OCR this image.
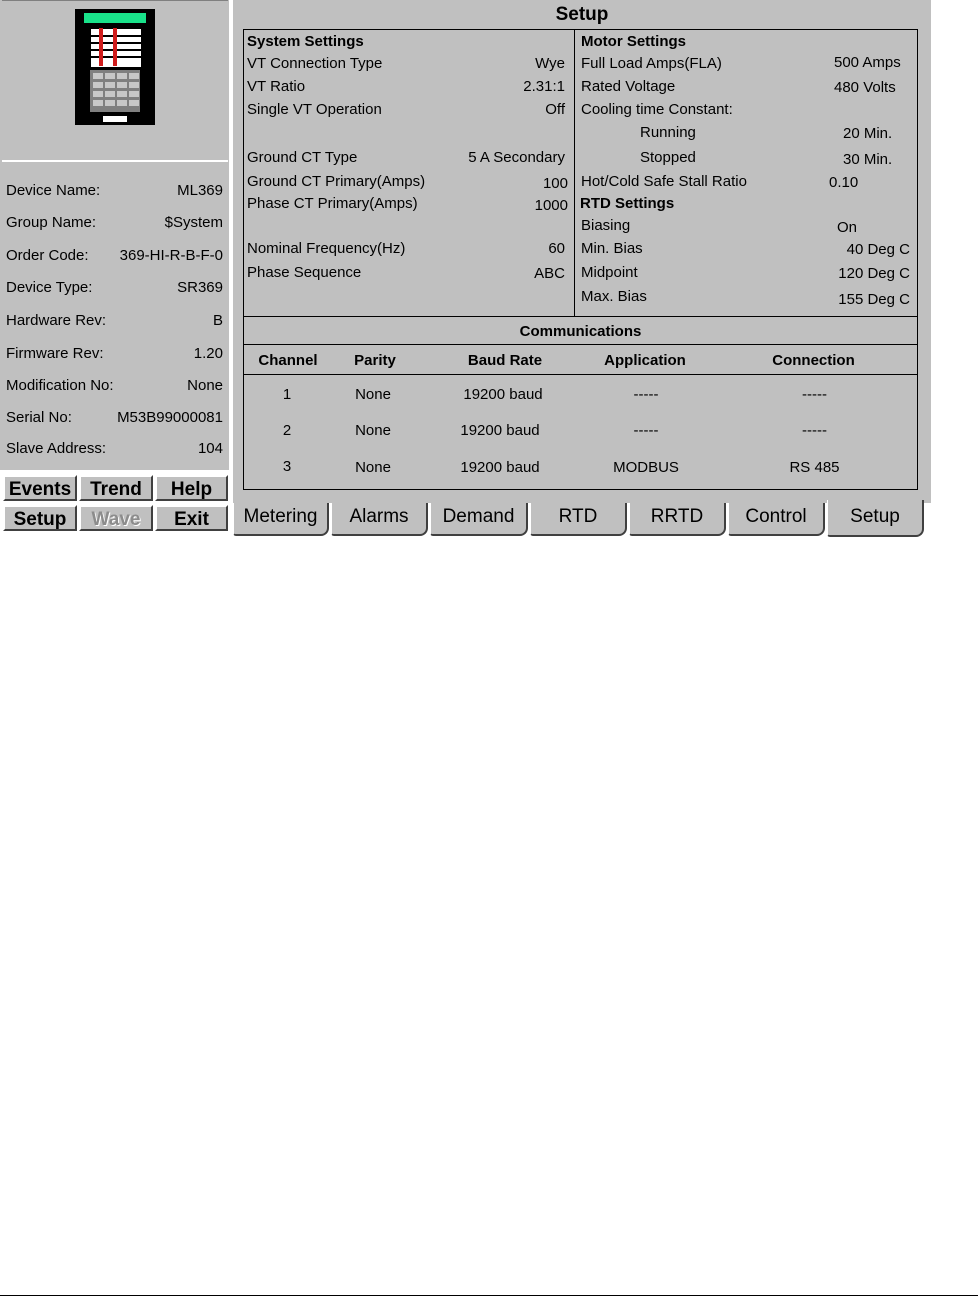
Device Name:	ML369
Group Name:	$System
Order Code: 369-HI-R-B-F-0
Device Type:	SR369
Hardware Rev:	B
Firmware Rev:	1.20
Modification No:	None
Serial No:	M53B99000081
Slave Address:	104
Events Trend	Help
Setup	Wave	Exit
Setup
System Settings
VT Connection Type	Wye
VT Ratio	2.31:1
Single VT Operation	Off
Ground CT Type	5 A Secondary
Ground CT Primary(Amps)	100
Phase CT Primary(Amps)	1000
Nominal Frequency(Hz)	60
Phase Sequence	ABC
Motor Settings
Full Load Amps(FLA)	500 Amps
Rated Voltage	480 Volts
Cooling time Constant:
Running	20 Min.
Stopped	30 Min.
Hot/Cold Safe Stall Ratio	0.10
RTD Settings
Biasing	On
Min. Bias	40 Deg C
Midpoint	120 Deg C
Max. Bias	155 Deg C
Communications
Channel	Parity	Baud Rate	Application	Connection
1	None	19200 baud	-----	-----
2	None	19200 baud	-----	-----
3	None	19200 baud	MODBUS	RS 485
Metering	Alarms	Demand	RTD	RRTD	Control	Setup
